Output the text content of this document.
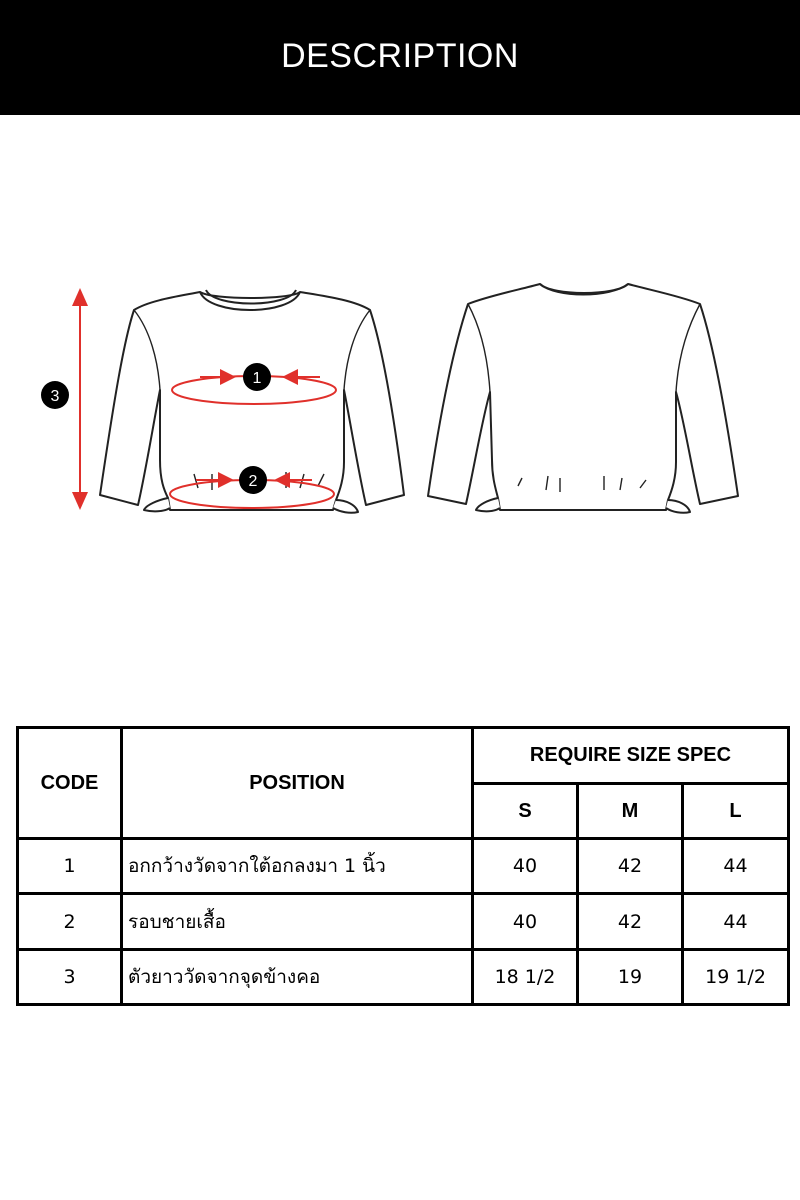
DESCRIPTION
1
2
3
CODE	POSITION	REQUIRE SIZE SPEC		
		S	M	L
1	อกกว้างวัดจากใต้อกลงมา 1 นิ้ว	40	42	44
2	รอบชายเสื้อ	40	42	44
3	ตัวยาววัดจากจุดข้างคอ	18 1/2	19	19 1/2
